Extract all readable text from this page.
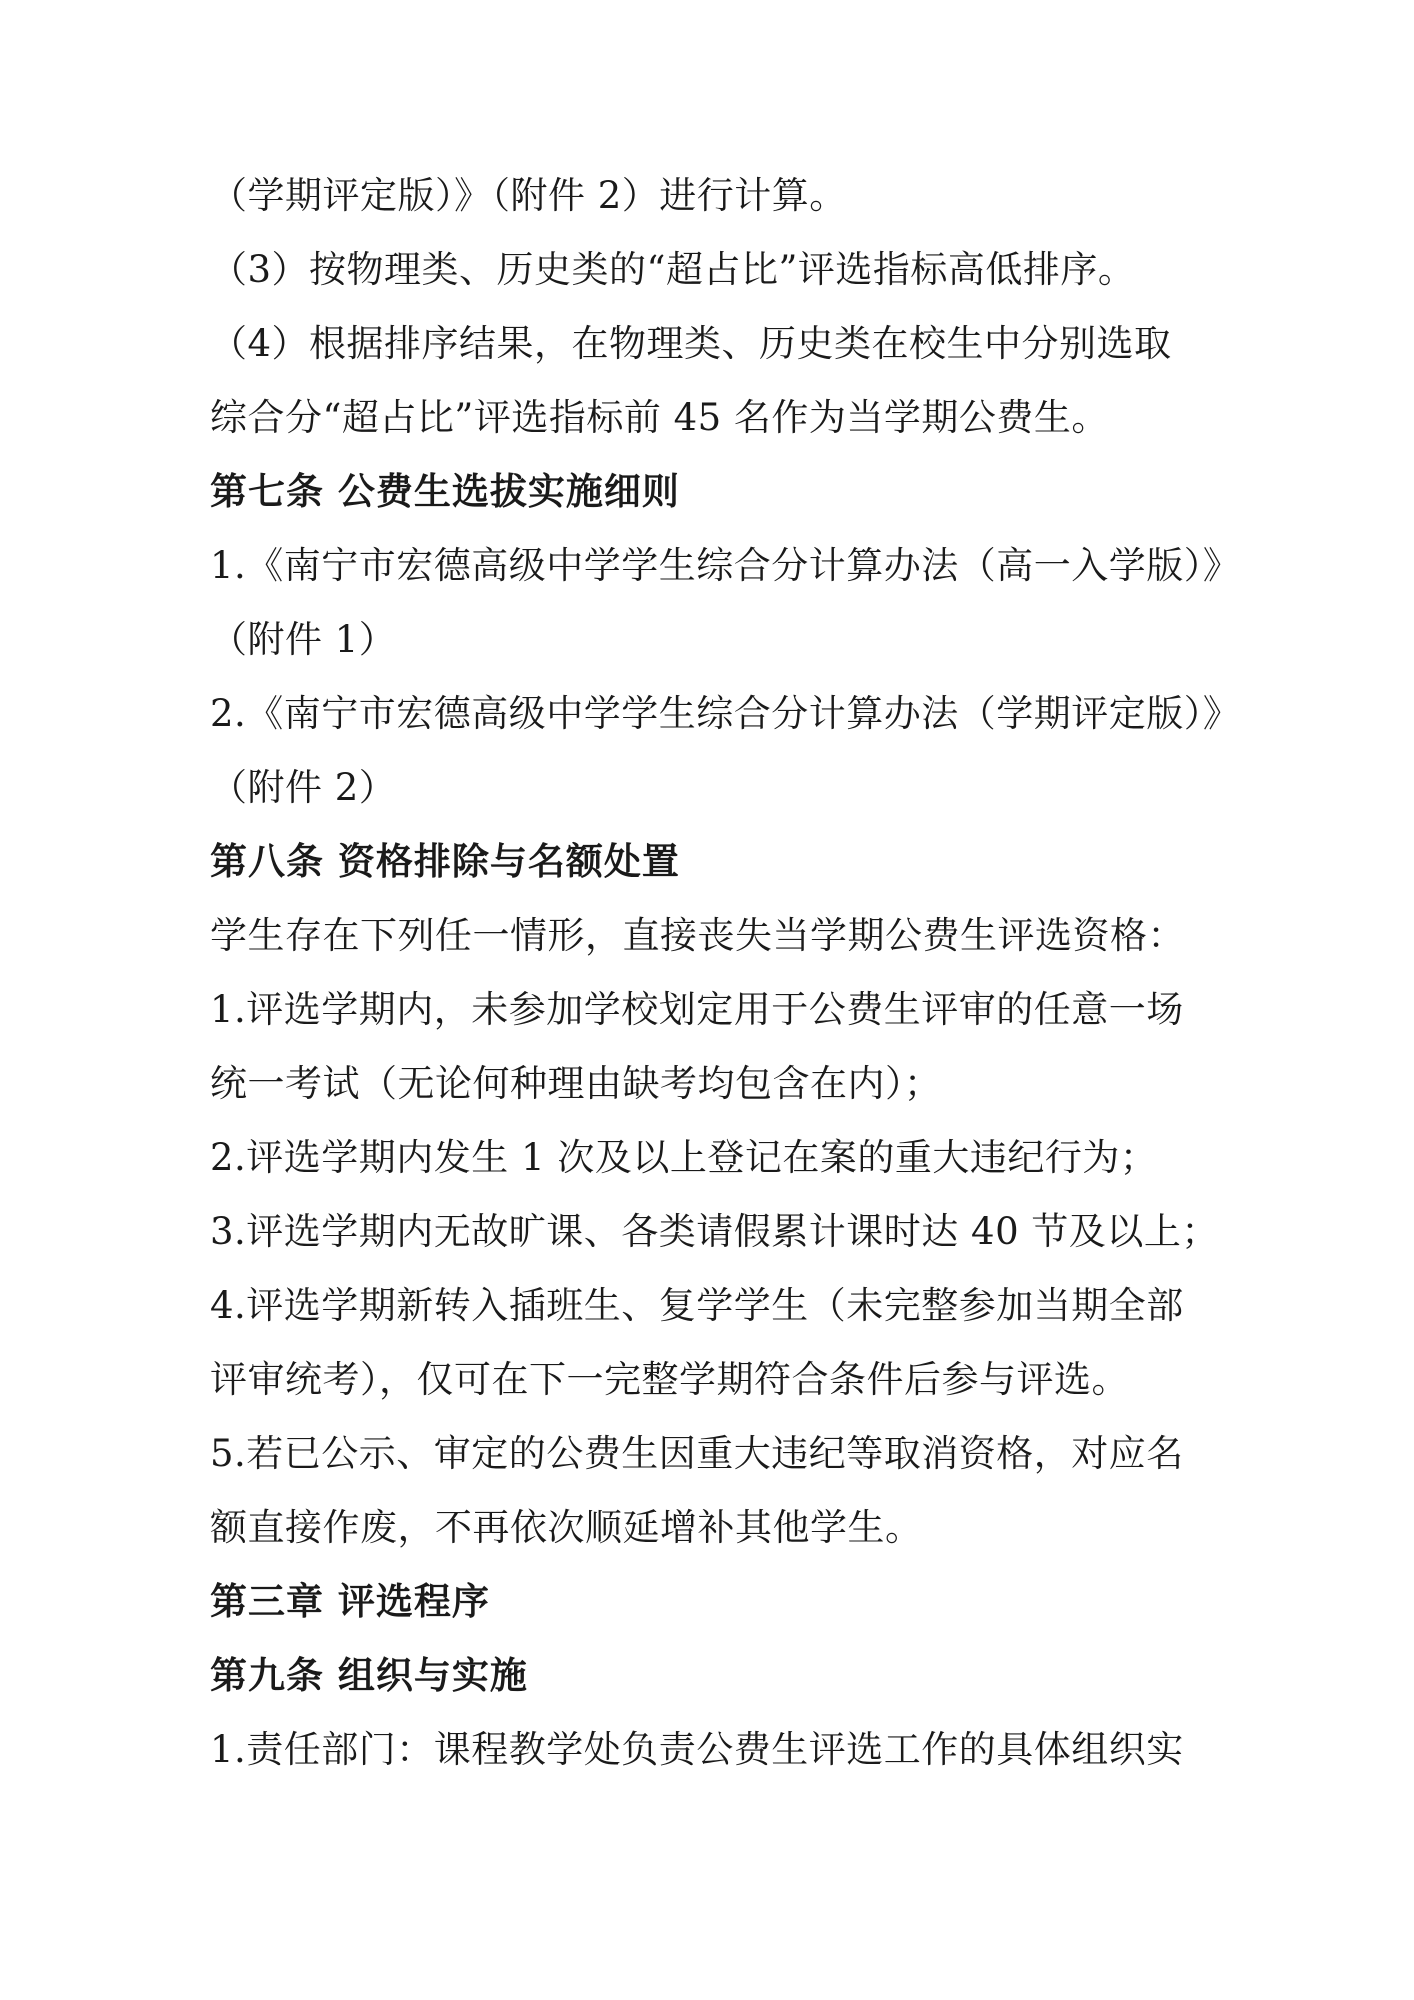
（学期评定版）》（附件 2）进行计算。
（3）按物理类、历史类的“超占比”评选指标高低排序。
（4）根据排序结果，在物理类、历史类在校生中分别选取
综合分“超占比”评选指标前 45 名作为当学期公费生。
第七条 公费生选拔实施细则
1.《南宁市宏德高级中学学生综合分计算办法（高一入学版）》
（附件 1）
2.《南宁市宏德高级中学学生综合分计算办法（学期评定版）》
（附件 2）
第八条 资格排除与名额处置
学生存在下列任一情形，直接丧失当学期公费生评选资格：
1.评选学期内，未参加学校划定用于公费生评审的任意一场
统一考试（无论何种理由缺考均包含在内）；
2.评选学期内发生 1 次及以上登记在案的重大违纪行为；
3.评选学期内无故旷课、各类请假累计课时达 40 节及以上；
4.评选学期新转入插班生、复学学生（未完整参加当期全部
评审统考），仅可在下一完整学期符合条件后参与评选。
5.若已公示、审定的公费生因重大违纪等取消资格，对应名
额直接作废，不再依次顺延增补其他学生。
第三章 评选程序
第九条 组织与实施
1.责任部门：课程教学处负责公费生评选工作的具体组织实
